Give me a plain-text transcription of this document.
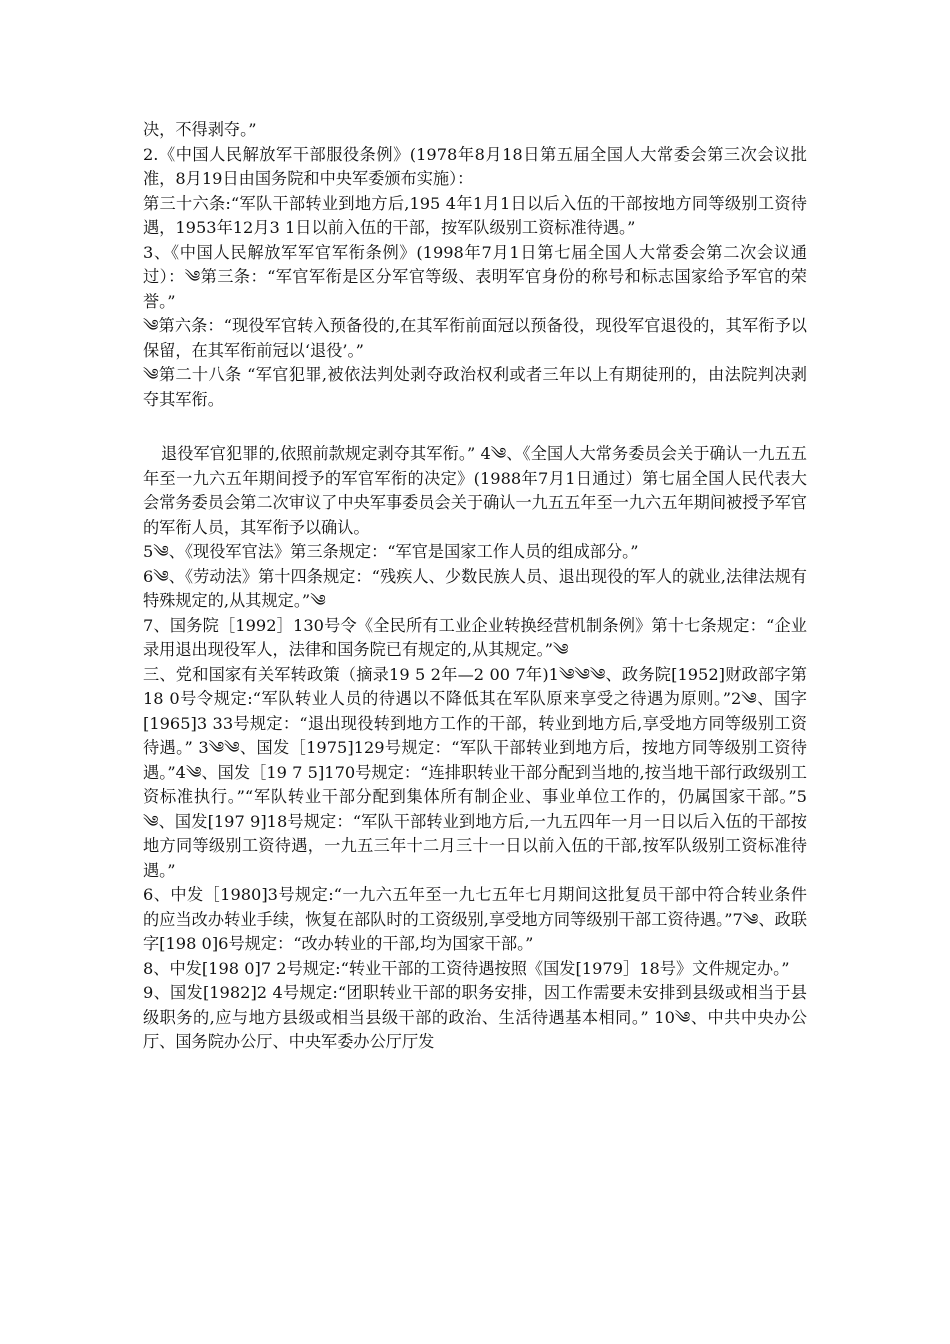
决，不得剥夺。”

2.《中国人民解放军干部服役条例》(1978年8月18日第五届全国人大常委会第三次会议批准，8月19日由国务院和中央军委颁布实施）：

第三十六条:“军队干部转业到地方后,195 4年1月1日以后入伍的干部按地方同等级别工资待遇，1953年12月3 1日以前入伍的干部，按军队级别工资标准待遇。”

3、《中国人民解放军军官军衔条例》(1998年7月1日第七届全国人大常委会第二次会议通过）：༄第三条：“军官军衔是区分军官等级、表明军官身份的称号和标志国家给予军官的荣誉。”

༄第六条：“现役军官转入预备役的,在其军衔前面冠以预备役，现役军官退役的，其军衔予以保留，在其军衔前冠以‘退役’。”

༄第二十八条 “军官犯罪,被依法判处剥夺政治权利或者三年以上有期徒刑的，由法院判决剥夺其军衔。

退役军官犯罪的,依照前款规定剥夺其军衔。” 4༄、《全国人大常务委员会关于确认一九五五年至一九六五年期间授予的军官军衔的决定》(1988年7月1日通过）第七届全国人民代表大会常务委员会第二次审议了中央军事委员会关于确认一九五五年至一九六五年期间被授予军官的军衔人员，其军衔予以确认。

5༄、《现役军官法》第三条规定：“军官是国家工作人员的组成部分。”

6༄、《劳动法》第十四条规定：“残疾人、少数民族人员、退出现役的军人的就业,法律法规有特殊规定的,从其规定。”༄

7、国务院［1992］130号令《全民所有工业企业转换经营机制条例》第十七条规定：“企业录用退出现役军人，法律和国务院已有规定的,从其规定。”༄

三、党和国家有关军转政策（摘录19 5 2年—2 00 7年)1༄༄༄、政务院[1952]财政部字第18 0号令规定:“军队转业人员的待遇以不降低其在军队原来享受之待遇为原则。”2༄、国字[1965]3 33号规定：“退出现役转到地方工作的干部，转业到地方后,享受地方同等级别工资待遇。” 3༄༄、国发［1975]129号规定：“军队干部转业到地方后，按地方同等级别工资待遇。”4༄、国发［19 7 5]170号规定：“连排职转业干部分配到当地的,按当地干部行政级别工资标准执行。”“军队转业干部分配到集体所有制企业、事业单位工作的，仍属国家干部。”5༄、国发[197 9]18号规定：“军队干部转业到地方后,一九五四年一月一日以后入伍的干部按地方同等级别工资待遇，一九五三年十二月三十一日以前入伍的干部,按军队级别工资标准待遇。”

6、中发［1980]3号规定:“一九六五年至一九七五年七月期间这批复员干部中符合转业条件的应当改办转业手续，恢复在部队时的工资级别,享受地方同等级别干部工资待遇。”7༄、政联字[198 0]6号规定：“改办转业的干部,均为国家干部。”

8、中发[198 0]7 2号规定:“转业干部的工资待遇按照《国发[1979］18号》文件规定办。”

9、国发[1982]2 4号规定:“团职转业干部的职务安排，因工作需要未安排到县级或相当于县级职务的,应与地方县级或相当县级干部的政治、生活待遇基本相同。” 10༄、中共中央办公厅、国务院办公厅、中央军委办公厅厅发
